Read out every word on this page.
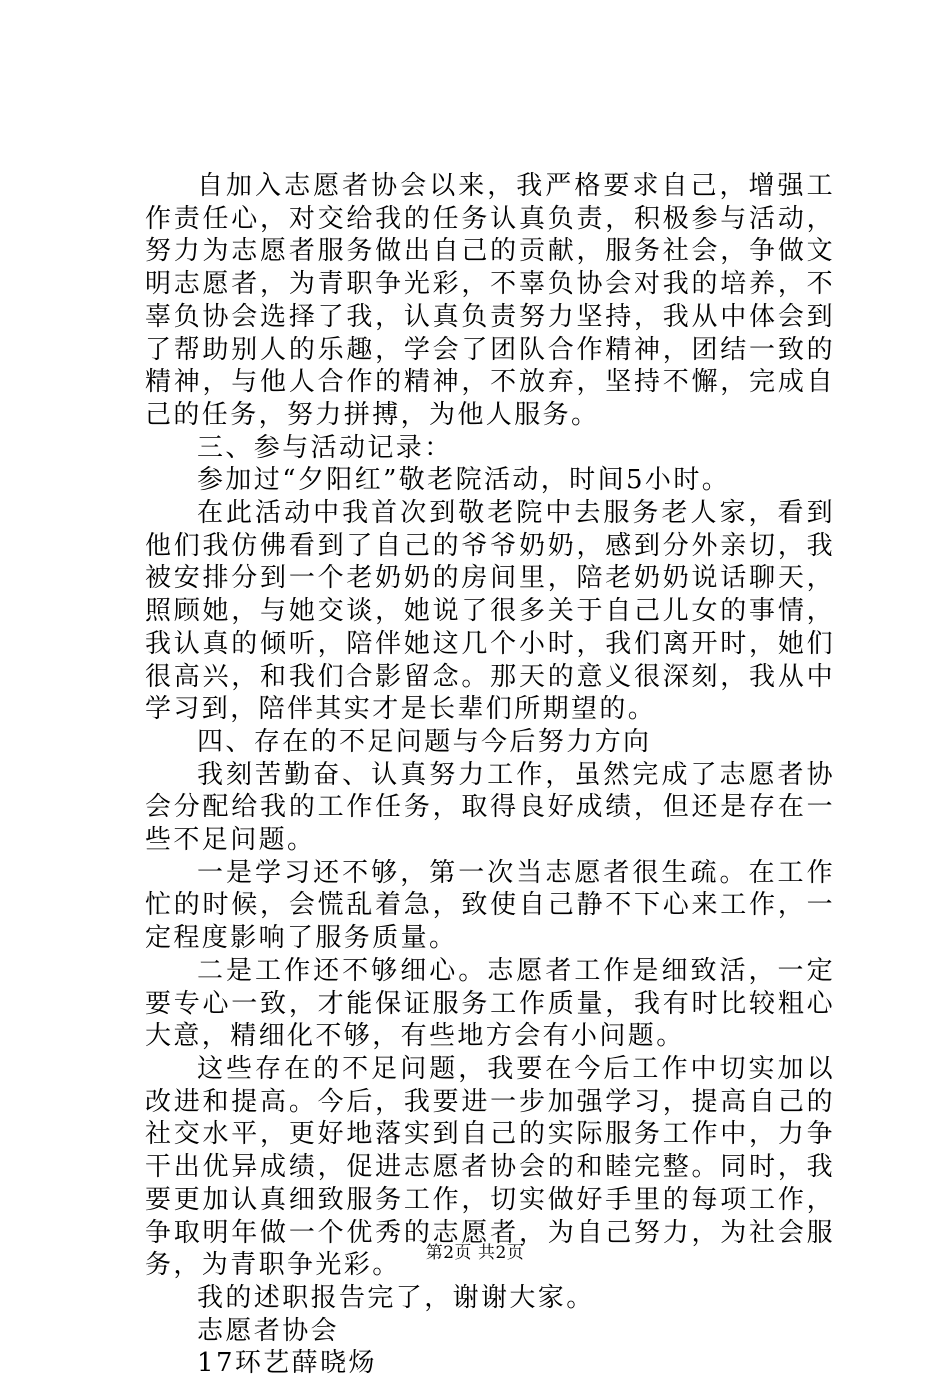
自加入志愿者协会以来，我严格要求自己，增强工作责任心，对交给我的任务认真负责，积极参与活动，努力为志愿者服务做出自己的贡献，服务社会，争做文明志愿者，为青职争光彩，不辜负协会对我的培养，不辜负协会选择了我，认真负责努力坚持，我从中体会到了帮助别人的乐趣，学会了团队合作精神，团结一致的精神，与他人合作的精神，不放弃，坚持不懈，完成自己的任务，努力拼搏，为他人服务。

三、参与活动记录：

参加过“夕阳红”敬老院活动，时间5小时。

在此活动中我首次到敬老院中去服务老人家，看到他们我仿佛看到了自己的爷爷奶奶，感到分外亲切，我被安排分到一个老奶奶的房间里，陪老奶奶说话聊天，照顾她，与她交谈，她说了很多关于自己儿女的事情，我认真的倾听，陪伴她这几个小时，我们离开时，她们很高兴，和我们合影留念。那天的意义很深刻，我从中学习到，陪伴其实才是长辈们所期望的。

四、存在的不足问题与今后努力方向

我刻苦勤奋、认真努力工作，虽然完成了志愿者协会分配给我的工作任务，取得良好成绩，但还是存在一些不足问题。

一是学习还不够，第一次当志愿者很生疏。在工作忙的时候，会慌乱着急，致使自己静不下心来工作，一定程度影响了服务质量。

二是工作还不够细心。志愿者工作是细致活，一定要专心一致，才能保证服务工作质量，我有时比较粗心大意，精细化不够，有些地方会有小问题。

这些存在的不足问题，我要在今后工作中切实加以改进和提高。今后，我要进一步加强学习，提高自己的社交水平，更好地落实到自己的实际服务工作中，力争干出优异成绩，促进志愿者协会的和睦完整。同时，我要更加认真细致服务工作，切实做好手里的每项工作，争取明年做一个优秀的志愿者，为自己努力，为社会服务，为青职争光彩。

我的述职报告完了，谢谢大家。

志愿者协会

17环艺薛晓炀

第2页 共2页
